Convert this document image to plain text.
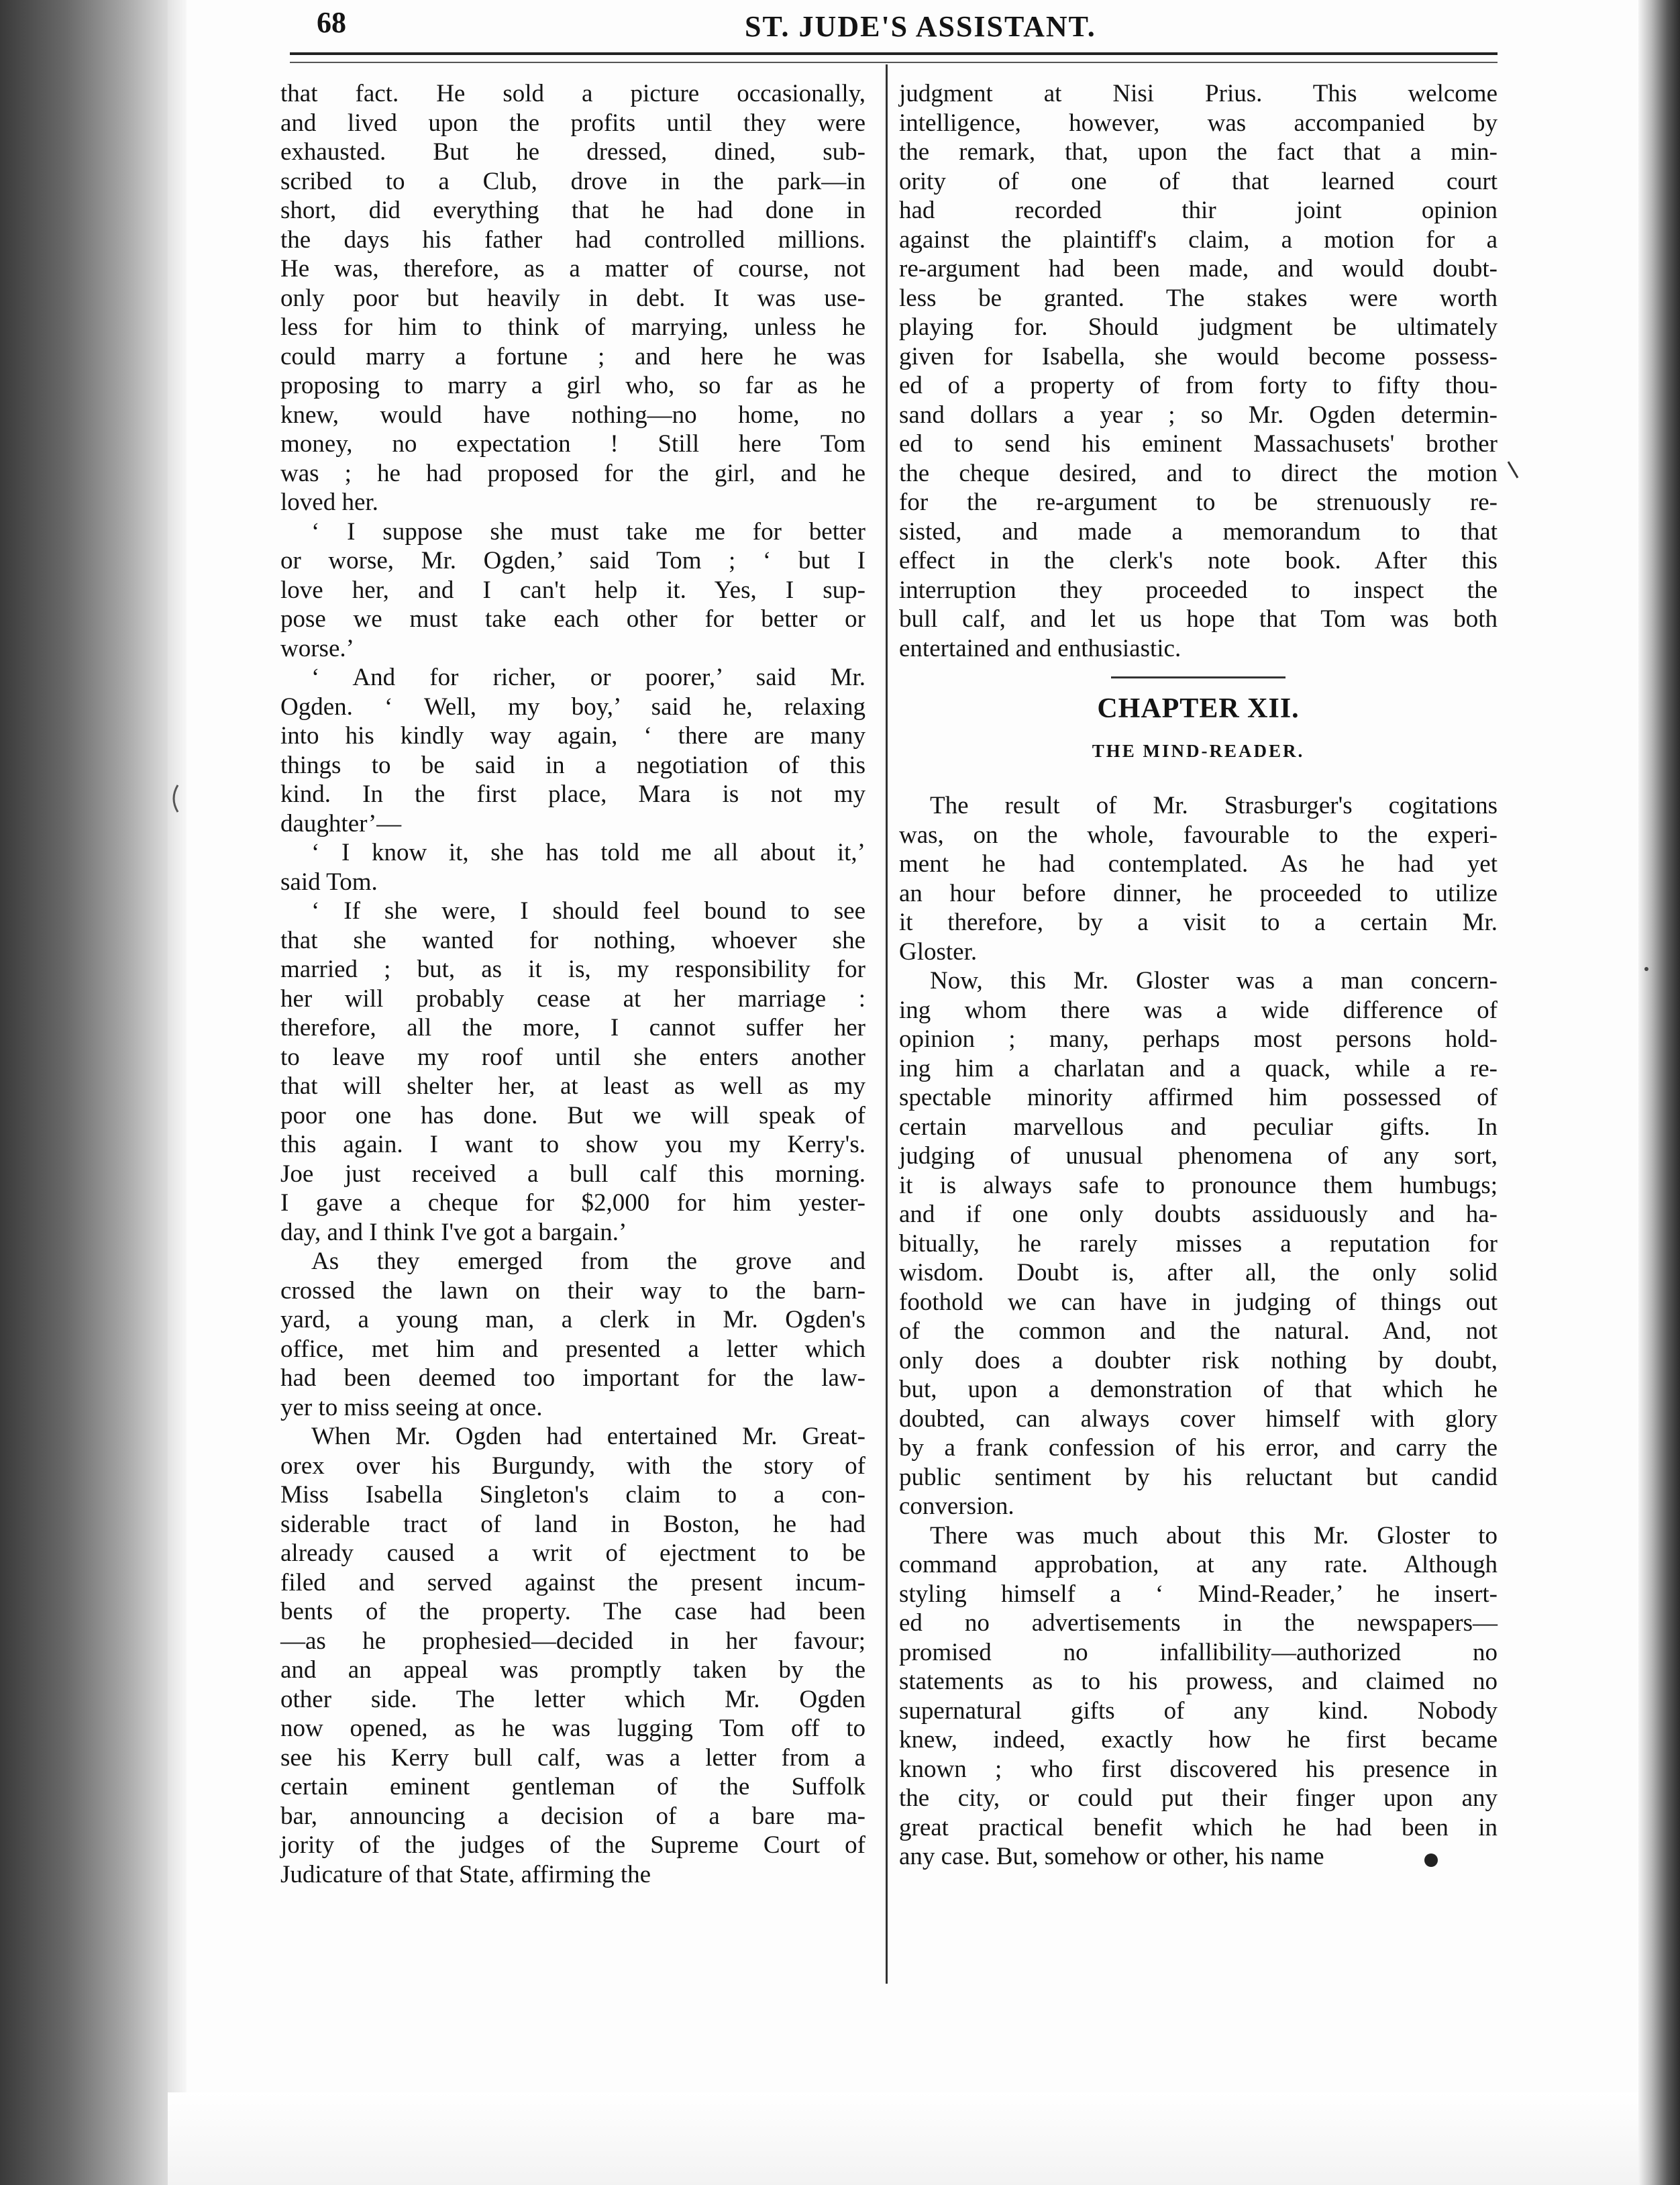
68	ST. JUDE'S ASSISTANT.
that fact. He sold a picture occasionally,
and lived upon the profits until they were
exhausted. But he dressed, dined, sub-
scribed to a Club, drove in the park—in
short, did everything that he had done in
the days his father had controlled millions.
He was, therefore, as a matter of course, not
only poor but heavily in debt. It was use-
less for him to think of marrying, unless he
could marry a fortune ; and here he was
proposing to marry a girl who, so far as he
knew, would have nothing—no home, no
money, no expectation ! Still here Tom
was ; he had proposed for the girl, and he
loved her.
‘ I suppose she must take me for better
or worse, Mr. Ogden,’ said Tom ; ‘ but I
love her, and I can't help it. Yes, I sup-
pose we must take each other for better or
worse.’
‘ And for richer, or poorer,’ said Mr.
Ogden. ‘ Well, my boy,’ said he, relaxing
into his kindly way again, ‘ there are many
things to be said in a negotiation of this
kind. In the first place, Mara is not my
daughter’—
‘ I know it, she has told me all about it,’
said Tom.
‘ If she were, I should feel bound to see
that she wanted for nothing, whoever she
married ; but, as it is, my responsibility for
her will probably cease at her marriage :
therefore, all the more, I cannot suffer her
to leave my roof until she enters another
that will shelter her, at least as well as my
poor one has done. But we will speak of
this again. I want to show you my Kerry's.
Joe just received a bull calf this morning.
I gave a cheque for $2,000 for him yester-
day, and I think I've got a bargain.’
As they emerged from the grove and
crossed the lawn on their way to the barn-
yard, a young man, a clerk in Mr. Ogden's
office, met him and presented a letter which
had been deemed too important for the law-
yer to miss seeing at once.
When Mr. Ogden had entertained Mr. Great-
orex over his Burgundy, with the story of
Miss Isabella Singleton's claim to a con-
siderable tract of land in Boston, he had
already caused a writ of ejectment to be
filed and served against the present incum-
bents of the property. The case had been
—as he prophesied—decided in her favour;
and an appeal was promptly taken by the
other side. The letter which Mr. Ogden
now opened, as he was lugging Tom off to
see his Kerry bull calf, was a letter from a
certain eminent gentleman of the Suffolk
bar, announcing a decision of a bare ma-
jority of the judges of the Supreme Court of
Judicature of that State, affirming the
judgment at Nisi Prius. This welcome
intelligence, however, was accompanied by
the remark, that, upon the fact that a min-
ority of one of that learned court
had recorded thir joint opinion
against the plaintiff's claim, a motion for a
re-argument had been made, and would doubt-
less be granted. The stakes were worth
playing for. Should judgment be ultimately
given for Isabella, she would become possess-
ed of a property of from forty to fifty thou-
sand dollars a year ; so Mr. Ogden determin-
ed to send his eminent Massachusets' brother
the cheque desired, and to direct the motion
for the re-argument to be strenuously re-
sisted, and made a memorandum to that
effect in the clerk's note book. After this
interruption they proceeded to inspect the
bull calf, and let us hope that Tom was both
entertained and enthusiastic.
CHAPTER XII.
THE MIND-READER.
The result of Mr. Strasburger's cogitations
was, on the whole, favourable to the experi-
ment he had contemplated. As he had yet
an hour before dinner, he proceeded to utilize
it therefore, by a visit to a certain Mr.
Gloster.
Now, this Mr. Gloster was a man concern-
ing whom there was a wide difference of
opinion ; many, perhaps most persons hold-
ing him a charlatan and a quack, while a re-
spectable minority affirmed him possessed of
certain marvellous and peculiar gifts. In
judging of unusual phenomena of any sort,
it is always safe to pronounce them humbugs;
and if one only doubts assiduously and ha-
bitually, he rarely misses a reputation for
wisdom. Doubt is, after all, the only solid
foothold we can have in judging of things out
of the common and the natural. And, not
only does a doubter risk nothing by doubt,
but, upon a demonstration of that which he
doubted, can always cover himself with glory
by a frank confession of his error, and carry the
public sentiment by his reluctant but candid
conversion.
There was much about this Mr. Gloster to
command approbation, at any rate. Although
styling himself a ‘ Mind-Reader,’ he insert-
ed no advertisements in the newspapers—
promised no infallibility—authorized no
statements as to his prowess, and claimed no
supernatural gifts of any kind. Nobody
knew, indeed, exactly how he first became
known ; who first discovered his presence in
the city, or could put their finger upon any
great practical benefit which he had been in
any case. But, somehow or other, his name
